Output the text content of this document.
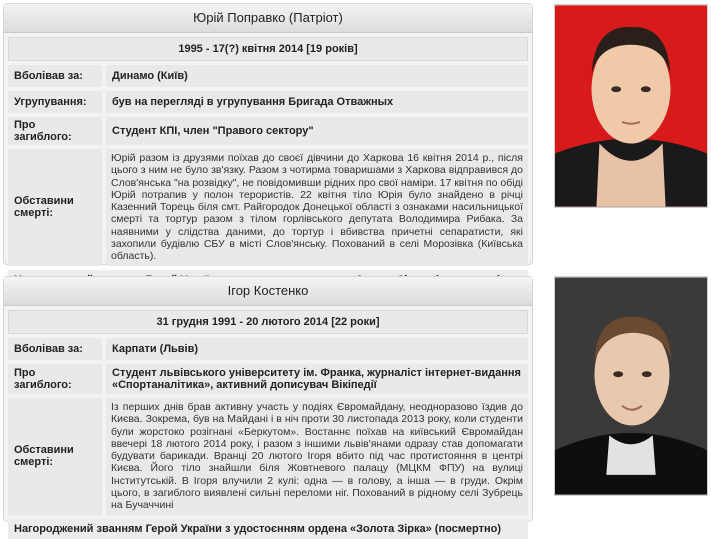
Юрій Поправко (Патріот)
1995 - 17(?) квітня 2014 [19 років]
Вболівав за:	Динамо (Київ)
Угрупування:	був на перегляді в угрупування Бригада Отважных
Про загиблого:	Студент КПІ, член "Правого сектору"
Обставини смерті:	Юрій разом із друзями поїхав до своєї дівчини до Харкова 16 квітня 2014 р., після цього з ним не було зв'язку. Разом з чотирма товаришами з Харкова відправився до Слов'янська "на розвідку", не повідомивши рідних про свої наміри. 17 квітня по обіді Юрій потрапив у полон терористів. 22 квітня тіло Юрія було знайдено в річці Казенний Торець біля смт. Райгородок Донецької області з ознаками насильницької смерті та тортур разом з тілом горлівського депутата Володимира Рибака. За наявними у слідства даними, до тортур і вбивства причетні сепаратисти, які захопили будівлю СБУ в місті Слов'янську. Похований в селі Морозівка (Київська область).
Ігор Костенко
31 грудня 1991 - 20 лютого 2014 [22 роки]
Вболівав за:	Карпати (Львів)
Про загиблого:	Студент львівського університету ім. Франка, журналіст інтернет-видання «Спортаналітика», активний дописувач Вікіпедії
Обставини смерті:	Із перших днів брав активну участь у подіях Євромайдану, неодноразово їздив до Києва. Зокрема, був на Майдані і в ніч проти 30 листопада 2013 року, коли студенти були жорстоко розігнані «Беркутом». Востаннє поїхав на київський Євромайдан ввечері 18 лютого 2014 року, і разом з іншими львів'янами одразу став допомагати будувати барикади. Вранці 20 лютого Ігоря вбито під час протистояння в центрі Києва. Його тіло знайшли біля Жовтневого палацу (МЦКМ ФПУ) на вулиці Інститутській. В Ігоря влучили 2 кулі: одна — в голову, а інша — в груди. Окрім цього, в загиблого виявлені сильні переломи ніг. Похований в рідному селі Зубрець на Бучаччині
Нагороджений званням Герой України з удостоєнням ордена «Золота Зірка» (посмертно)
